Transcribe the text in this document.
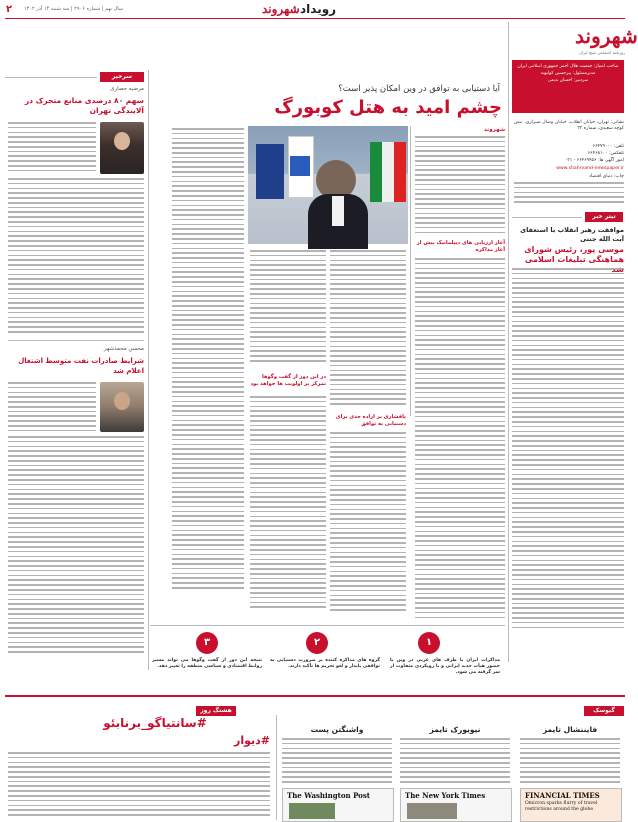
۲ سال نهم | شماره ۲۹۰۶ | سه شنبه ۱۴ آذر ۱۴۰۲	رویداد
شهروند
شهروند
روزنامه اجتماعی صبح ایران
صاحب امتیاز: جمعیت هلال احمر جمهوری اسلامی ایران
مدیرمسئول: پیرحسین کولیوند
سردبیر: احسان بدیعی
نشانی: تهران، خیابان انقلاب، خیابان وصال شیرازی، نبش کوچه سعیدی، شماره ۲۲
تلفن: ۶۶۴۷۹۰۰۰
تلفکس: ۶۶۴۶۸۱۰۰
امور آگهی ها: ۶۶۴۶۹۴۵۶ - ۰۲۱
www.shahrvand-newspaper.ir
چاپ: دنیای اقتصاد
تیتر خبر
موافقت رهبر انقلاب با استعفای آیت الله جنتی
موسی پور، رئیس شورای هماهنگی تبلیغات اسلامی
آیا دستیابی به توافق در وین امکان پذیر است؟
چشم امید به هتل کوبورگ
شهروند
آغاز ارزیابی های دیپلماتیک پیش از آغاز مذاکره
پافشاری بر اراده جدی برای دستیابی به توافق
در این دور از گفت وگوها تمرکز بر اولویت ها خواهد بود
۱
مذاکرات ایران با طرف های غربی در وین با حضور هیأت جدید ایرانی و با رویکردی متفاوت از سر گرفته می شود.
۲
گروه های مذاکره کننده بر ضرورت دستیابی به توافقی پایدار و لغو تحریم ها تأکید دارند.
۳
نتیجه این دور از گفت وگوها می تواند مسیر روابط اقتصادی و سیاسی منطقه را تغییر دهد.
سرخبر
مرضیه حصاری
سهم ۸۰ درصدی منابع متحرک در آلایندگی تهران
محسن محمدشهر
شرایط صادرات نفت متوسط اشتغال اعلام شد
گیوسک
هشتگ روز
فایننشال تایمز
FINANCIAL TIMES
Omicron sparks flurry of travel restrictions around the globe
نیویورک تایمز
The New York Times
واشنگتن پست
The Washington Post
#سانتیاگو_برنابئو
#دیوار
